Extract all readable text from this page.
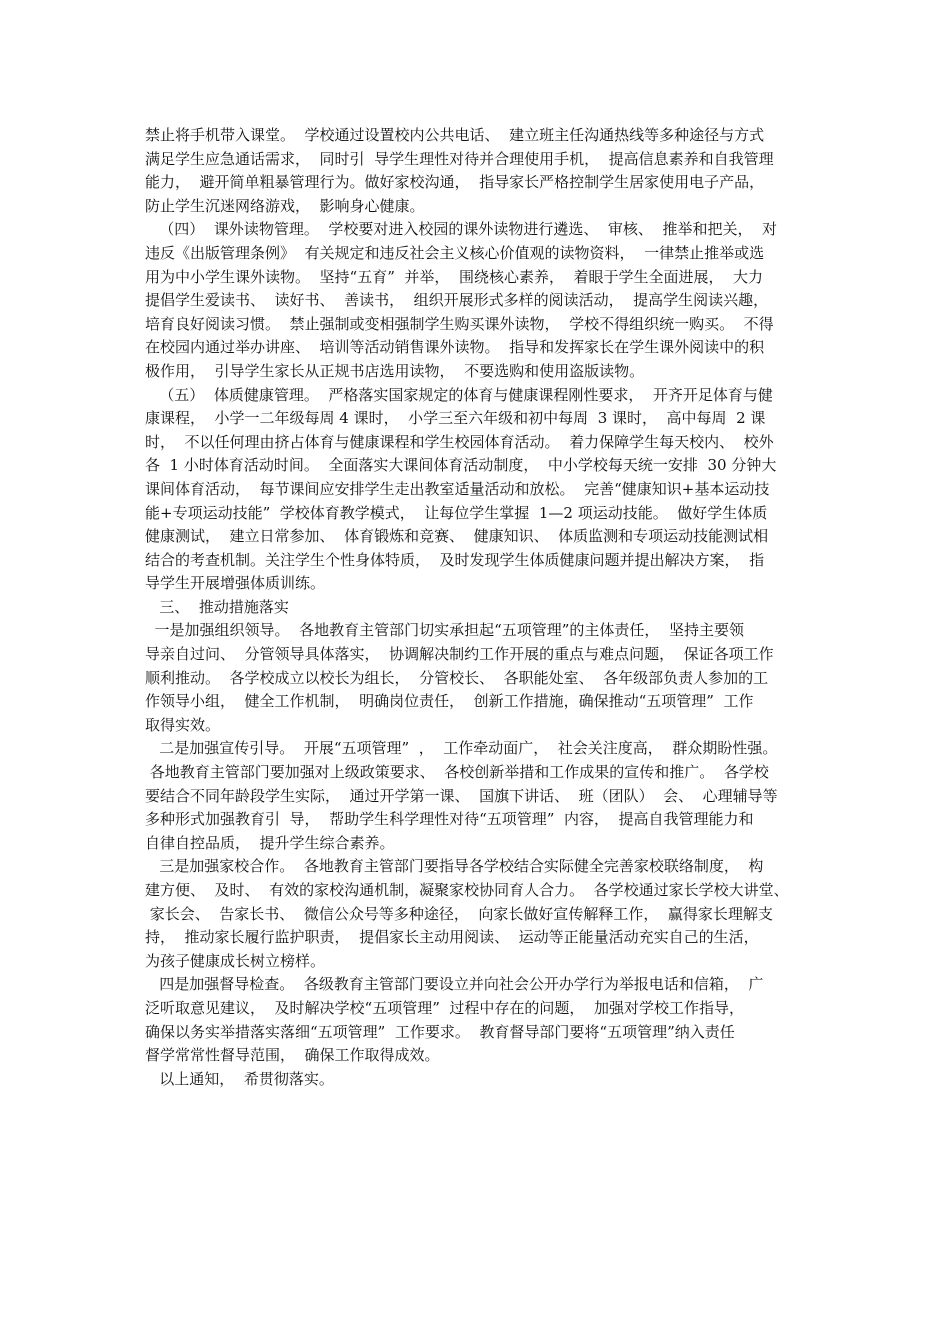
禁止将手机带入课堂。  学校通过设置校内公共电话、  建立班主任沟通热线等多种途径与方式
满足学生应急通话需求，  同时引  导学生理性对待并合理使用手机，  提高信息素养和自我管理
能力，  避开简单粗暴管理行为。做好家校沟通，  指导家长严格控制学生居家使用电子产品，
防止学生沉迷网络游戏，  影响身心健康。
（四）  课外读物管理。  学校要对进入校园的课外读物进行遴选、  审核、  推举和把关，  对
违反《出版管理条例》  有关规定和违反社会主义核心价值观的读物资料，  一律禁止推举或选
用为中小学生课外读物。  坚持“五育”  并举，  围绕核心素养，  着眼于学生全面进展，  大力
提倡学生爱读书、  读好书、  善读书，  组织开展形式多样的阅读活动，  提高学生阅读兴趣，
培育良好阅读习惯。  禁止强制或变相强制学生购买课外读物，  学校不得组织统一购买。  不得
在校园内通过举办讲座、  培训等活动销售课外读物。  指导和发挥家长在学生课外阅读中的积
极作用，  引导学生家长从正规书店选用读物，  不要选购和使用盗版读物。
（五）  体质健康管理。  严格落实国家规定的体育与健康课程刚性要求，  开齐开足体育与健
康课程，  小学一二年级每周 4 课时，  小学三至六年级和初中每周  3 课时，  高中每周  2 课
时，  不以任何理由挤占体育与健康课程和学生校园体育活动。  着力保障学生每天校内、  校外
各  1 小时体育活动时间。  全面落实大课间体育活动制度，  中小学校每天统一安排  30 分钟大
课间体育活动，  每节课间应安排学生走出教室适量活动和放松。  完善“健康知识+基本运动技
能+专项运动技能”  学校体育教学模式，  让每位学生掌握  1—2 项运动技能。  做好学生体质
健康测试，  建立日常参加、  体育锻炼和竞赛、  健康知识、  体质监测和专项运动技能测试相
结合的考查机制。关注学生个性身体特质，  及时发现学生体质健康问题并提出解决方案，  指
导学生开展增强体质训练。
三、  推动措施落实
一是加强组织领导。  各地教育主管部门切实承担起“五项管理”的主体责任，  坚持主要领
导亲自过问、  分管领导具体落实，  协调解决制约工作开展的重点与难点问题，  保证各项工作
顺利推动。  各学校成立以校长为组长，  分管校长、  各职能处室、  各年级部负责人参加的工
作领导小组，  健全工作机制，  明确岗位责任，  创新工作措施，确保推动“五项管理”  工作
取得实效。
二是加强宣传引导。  开展“五项管理”  ，  工作牵动面广，  社会关注度高，  群众期盼性强。
各地教育主管部门要加强对上级政策要求、  各校创新举措和工作成果的宣传和推广。  各学校
要结合不同年龄段学生实际，  通过开学第一课、  国旗下讲话、  班（团队）  会、  心理辅导等
多种形式加强教育引  导，  帮助学生科学理性对待“五项管理”  内容，  提高自我管理能力和
自律自控品质，  提升学生综合素养。
三是加强家校合作。  各地教育主管部门要指导各学校结合实际健全完善家校联络制度，  构
建方便、  及时、  有效的家校沟通机制，凝聚家校协同育人合力。  各学校通过家长学校大讲堂、
家长会、  告家长书、  微信公众号等多种途径，  向家长做好宣传解释工作，  赢得家长理解支
持，  推动家长履行监护职责，  提倡家长主动用阅读、  运动等正能量活动充实自己的生活，
为孩子健康成长树立榜样。
四是加强督导检查。  各级教育主管部门要设立并向社会公开办学行为举报电话和信箱，  广
泛听取意见建议，  及时解决学校“五项管理”  过程中存在的问题，  加强对学校工作指导，
确保以务实举措落实落细“五项管理”  工作要求。  教育督导部门要将“五项管理”纳入责任
督学常常性督导范围，  确保工作取得成效。
以上通知，  希贯彻落实。
